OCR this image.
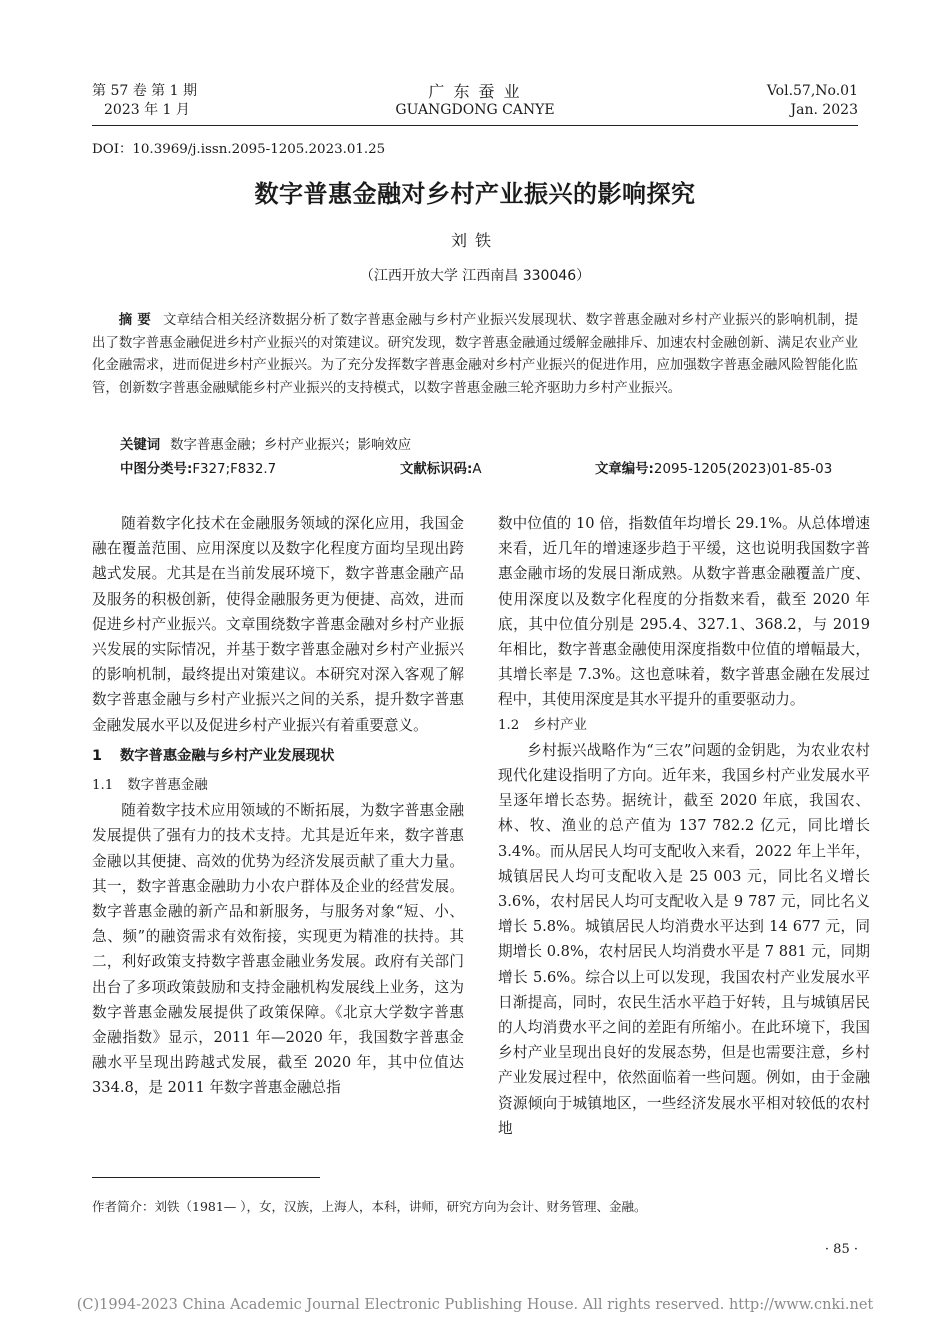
第 57 卷 第 1 期
2023 年 1 月
广 东 蚕 业
GUANGDONG CANYE
Vol.57,No.01
Jan. 2023
DOI：10.3969/j.issn.2095-1205.2023.01.25
数字普惠金融对乡村产业振兴的影响探究
刘铁
（江西开放大学 江西南昌 330046）
摘 要 文章结合相关经济数据分析了数字普惠金融与乡村产业振兴发展现状、数字普惠金融对乡村产业振兴的影响机制，提出了数字普惠金融促进乡村产业振兴的对策建议。研究发现，数字普惠金融通过缓解金融排斥、加速农村金融创新、满足农业产业化金融需求，进而促进乡村产业振兴。为了充分发挥数字普惠金融对乡村产业振兴的促进作用，应加强数字普惠金融风险智能化监管，创新数字普惠金融赋能乡村产业振兴的支持模式，以数字普惠金融三轮齐驱助力乡村产业振兴。
关键词 数字普惠金融；乡村产业振兴；影响效应
中图分类号:F327;F832.7	文献标识码:A	文章编号:2095-1205(2023)01-85-03

随着数字化技术在金融服务领域的深化应用，我国金融在覆盖范围、应用深度以及数字化程度方面均呈现出跨越式发展。尤其是在当前发展环境下，数字普惠金融产品及服务的积极创新，使得金融服务更为便捷、高效，进而促进乡村产业振兴。文章围绕数字普惠金融对乡村产业振兴发展的实际情况，并基于数字普惠金融对乡村产业振兴的影响机制，最终提出对策建议。本研究对深入客观了解数字普惠金融与乡村产业振兴之间的关系，提升数字普惠金融发展水平以及促进乡村产业振兴有着重要意义。

1 数字普惠金融与乡村产业发展现状

1.1 数字普惠金融

随着数字技术应用领域的不断拓展，为数字普惠金融发展提供了强有力的技术支持。尤其是近年来，数字普惠金融以其便捷、高效的优势为经济发展贡献了重大力量。其一，数字普惠金融助力小农户群体及企业的经营发展。数字普惠金融的新产品和新服务，与服务对象“短、小、急、频”的融资需求有效衔接，实现更为精准的扶持。其二，利好政策支持数字普惠金融业务发展。政府有关部门出台了多项政策鼓励和支持金融机构发展线上业务，这为数字普惠金融发展提供了政策保障。《北京大学数字普惠金融指数》显示，2011 年—2020 年，我国数字普惠金融水平呈现出跨越式发展，截至 2020 年，其中位值达 334.8，是 2011 年数字普惠金融总指

数中位值的 10 倍，指数值年均增长 29.1%。从总体增速来看，近几年的增速逐步趋于平缓，这也说明我国数字普惠金融市场的发展日渐成熟。从数字普惠金融覆盖广度、使用深度以及数字化程度的分指数来看，截至 2020 年底，其中位值分别是 295.4、327.1、368.2，与 2019 年相比，数字普惠金融使用深度指数中位值的增幅最大，其增长率是 7.3%。这也意味着，数字普惠金融在发展过程中，其使用深度是其水平提升的重要驱动力。

1.2 乡村产业

乡村振兴战略作为“三农”问题的金钥匙，为农业农村现代化建设指明了方向。近年来，我国乡村产业发展水平呈逐年增长态势。据统计，截至 2020 年底，我国农、林、牧、渔业的总产值为 137 782.2 亿元，同比增长 3.4%。而从居民人均可支配收入来看，2022 年上半年，城镇居民人均可支配收入是 25 003 元，同比名义增长 3.6%，农村居民人均可支配收入是 9 787 元，同比名义增长 5.8%。城镇居民人均消费水平达到 14 677 元，同期增长 0.8%，农村居民人均消费水平是 7 881 元，同期增长 5.6%。综合以上可以发现，我国农村产业发展水平日渐提高，同时，农民生活水平趋于好转，且与城镇居民的人均消费水平之间的差距有所缩小。在此环境下，我国乡村产业呈现出良好的发展态势，但是也需要注意，乡村产业发展过程中，依然面临着一些问题。例如，由于金融资源倾向于城镇地区，一些经济发展水平相对较低的农村地

作者简介：刘铁（1981— ），女，汉族，上海人，本科，讲师，研究方向为会计、财务管理、金融。
· 85 ·
(C)1994-2023 China Academic Journal Electronic Publishing House. All rights reserved. http://www.cnki.net
